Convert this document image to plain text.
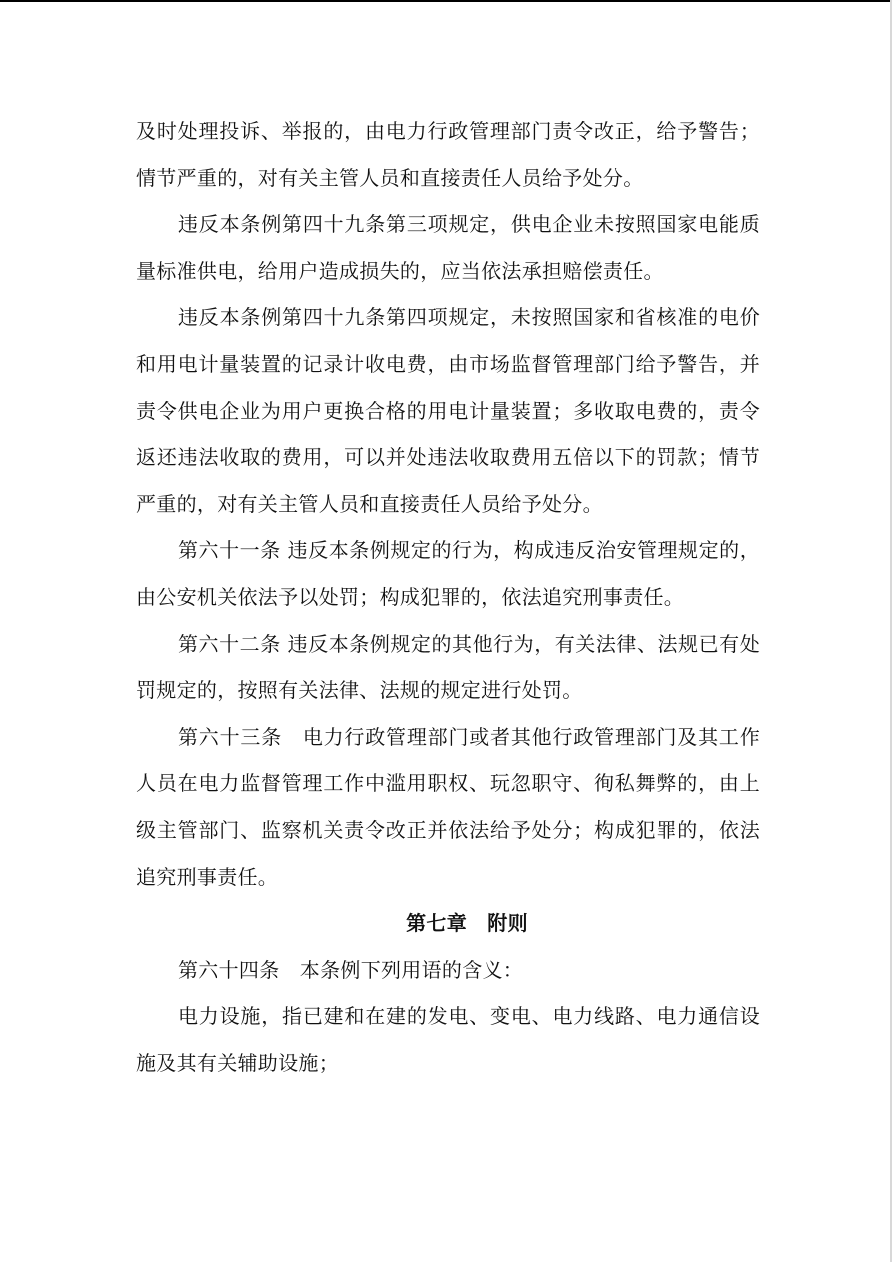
及时处理投诉、举报的，由电力行政管理部门责令改正，给予警告；情节严重的，对有关主管人员和直接责任人员给予处分。

违反本条例第四十九条第三项规定，供电企业未按照国家电能质量标准供电，给用户造成损失的，应当依法承担赔偿责任。

违反本条例第四十九条第四项规定，未按照国家和省核准的电价和用电计量装置的记录计收电费，由市场监督管理部门给予警告，并责令供电企业为用户更换合格的用电计量装置；多收取电费的，责令返还违法收取的费用，可以并处违法收取费用五倍以下的罚款；情节严重的，对有关主管人员和直接责任人员给予处分。

第六十一条 违反本条例规定的行为，构成违反治安管理规定的，由公安机关依法予以处罚；构成犯罪的，依法追究刑事责任。

第六十二条 违反本条例规定的其他行为，有关法律、法规已有处罚规定的，按照有关法律、法规的规定进行处罚。

第六十三条　电力行政管理部门或者其他行政管理部门及其工作人员在电力监督管理工作中滥用职权、玩忽职守、徇私舞弊的，由上级主管部门、监察机关责令改正并依法给予处分；构成犯罪的，依法追究刑事责任。

第七章　附则

第六十四条　本条例下列用语的含义：

电力设施，指已建和在建的发电、变电、电力线路、电力通信设施及其有关辅助设施；
